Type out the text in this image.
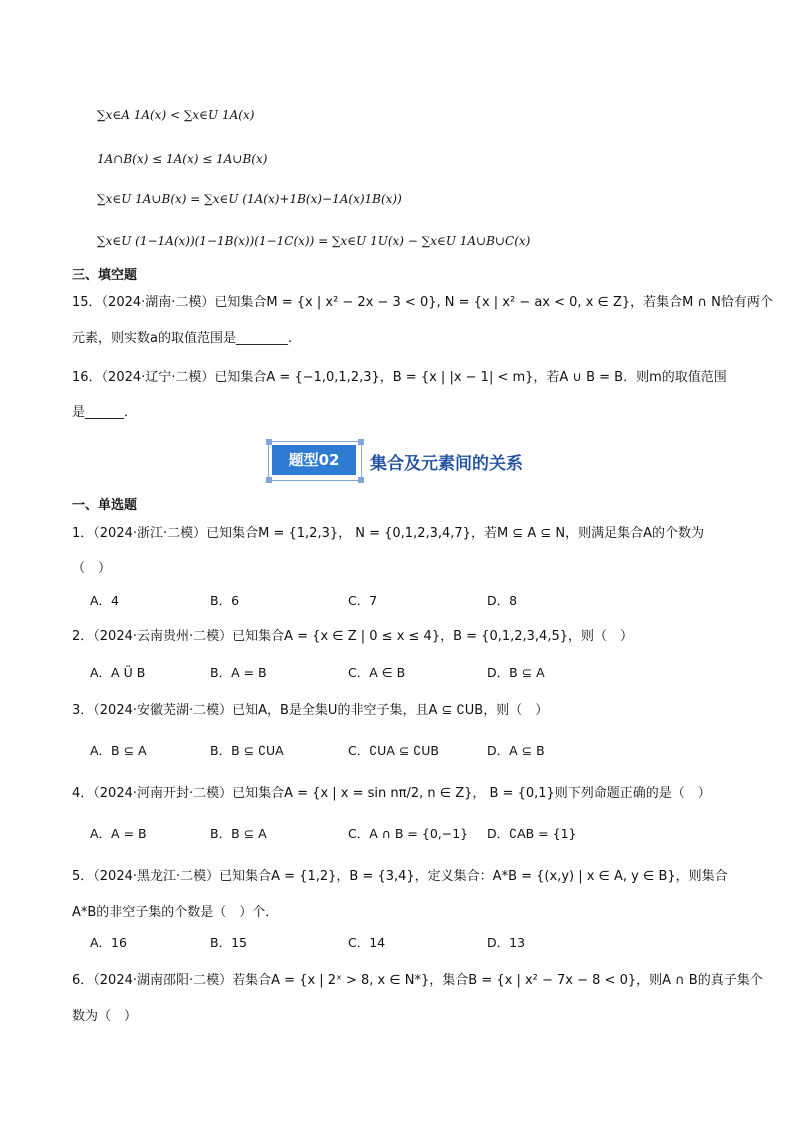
∑x∈A 1A(x) < ∑x∈U 1A(x)
1A∩B(x) ≤ 1A(x) ≤ 1A∪B(x)
∑x∈U 1A∪B(x) = ∑x∈U (1A(x)+1B(x)−1A(x)1B(x))
∑x∈U (1−1A(x))(1−1B(x))(1−1C(x)) = ∑x∈U 1U(x) − ∑x∈U 1A∪B∪C(x)
三、填空题
15．（2024·湖南·二模）已知集合M = {x | x² − 2x − 3 < 0}, N = {x | x² − ax < 0, x ∈ Z}，若集合M ∩ N恰有两个
元素，则实数a的取值范围是________.
16．（2024·辽宁·二模）已知集合A = {−1,0,1,2,3}，B = {x | |x − 1| < m}，若A ∪ B = B．则m的取值范围
是______．
题型02	集合及元素间的关系
一、单选题
1．（2024·浙江·二模）已知集合M = {1,2,3}， N = {0,1,2,3,4,7}，若M ⊆ A ⊆ N，则满足集合A的个数为
（　）
A．4	B．6	C．7	D．8
2．（2024·云南贵州·二模）已知集合A = {x ∈ Z | 0 ≤ x ≤ 4}，B = {0,1,2,3,4,5}，则（　）
A．A Ü B	B．A = B	C．A ∈ B	D．B ⊆ A
3．（2024·安徽芜湖·二模）已知A，B是全集U的非空子集，且A ⊆ ∁UB，则（　）
A．B ⊆ A	B．B ⊆ ∁UA	C．∁UA ⊆ ∁UB	D．A ⊆ B
4．（2024·河南开封·二模）已知集合A = {x | x = sin nπ/2, n ∈ Z}， B = {0,1}则下列命题正确的是（　）
A．A = B	B．B ⊆ A	C．A ∩ B = {0,−1} D．∁AB = {1}
5．（2024·黑龙江·二模）已知集合A = {1,2}，B = {3,4}，定义集合：A*B = {(x,y) | x ∈ A, y ∈ B}，则集合
A*B的非空子集的个数是（　）个．
A．16	B．15	C．14	D．13
6．（2024·湖南邵阳·二模）若集合A = {x | 2ˣ > 8, x ∈ N*}，集合B = {x | x² − 7x − 8 < 0}，则A ∩ B的真子集个
数为（　）
